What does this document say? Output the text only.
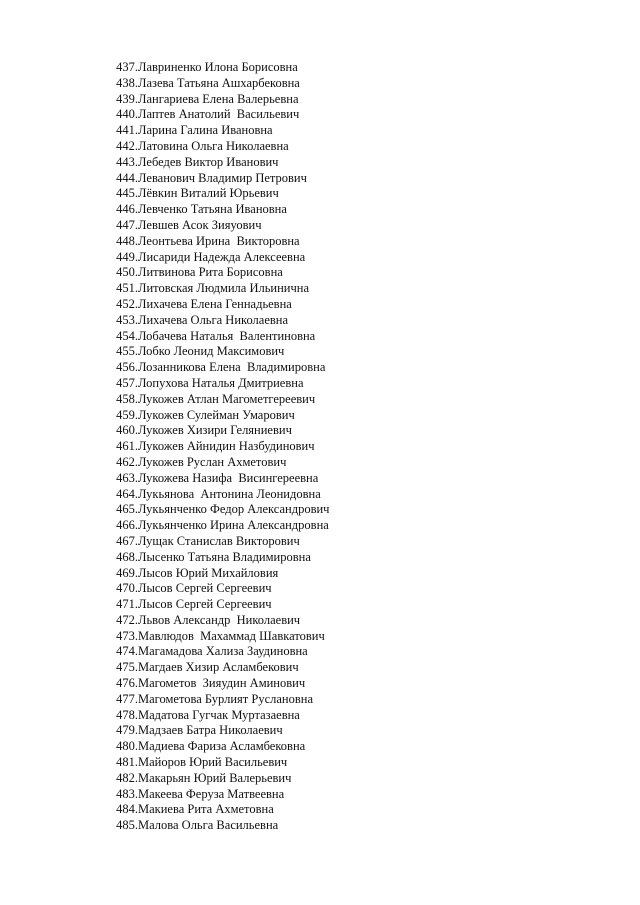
437. Лавриненко Илона Борисовна
438. Лазева Татьяна Ашхарбековна
439. Лангариева Елена Валерьевна
440. Лаптев Анатолий  Васильевич
441. Ларина Галина Ивановна
442. Латовина Ольга Николаевна
443. Лебедев Виктор Иванович
444. Леванович Владимир Петрович
445. Лёвкин Виталий Юрьевич
446. Левченко Татьяна Ивановна
447. Левшев Асок Зияуович
448. Леонтьева Ирина  Викторовна
449. Лисариди Надежда Алексеевна
450. Литвинова Рита Борисовна
451. Литовская Людмила Ильинична
452. Лихачева Елена Геннадьевна
453. Лихачева Ольга Николаевна
454. Лобачева Наталья  Валентиновна
455. Лобко Леонид Максимович
456. Лозанникова Елена  Владимировна
457. Лопухова Наталья Дмитриевна
458. Лукожев Атлан Магометгереевич
459. Лукожев Сулейман Умарович
460. Лукожев Хизири Геляниевич
461. Лукожев Айнидин Назбудинович
462. Лукожев Руслан Ахметович
463. Лукожева Назифа  Висингереевна
464. Лукьянова  Антонина Леонидовна
465. Лукьянченко Федор Александрович
466. Лукьянченко Ирина Александровна
467. Лущак Станислав Викторович
468. Лысенко Татьяна Владимировна
469. Лысов Юрий Михайловия
470. Лысов Сергей Сергеевич
471. Лысов Сергей Сергеевич
472. Львов Александр  Николаевич
473. Мавлюдов  Махаммад Шавкатович
474. Магамадова Хализа Заудиновна
475. Магдаев Хизир Асламбекович
476. Магометов  Зияудин Аминович
477. Магометова Бурлият Руслановна
478. Мадатова Гугчак Муртазаевна
479. Мадзаев Батра Николаевич
480. Мадиева Фариза Асламбековна
481. Майоров Юрий Васильевич
482. Макарьян Юрий Валерьевич
483. Макеева Феруза Матвеевна
484. Макиева Рита Ахметовна
485. Малова Ольга Васильевна
